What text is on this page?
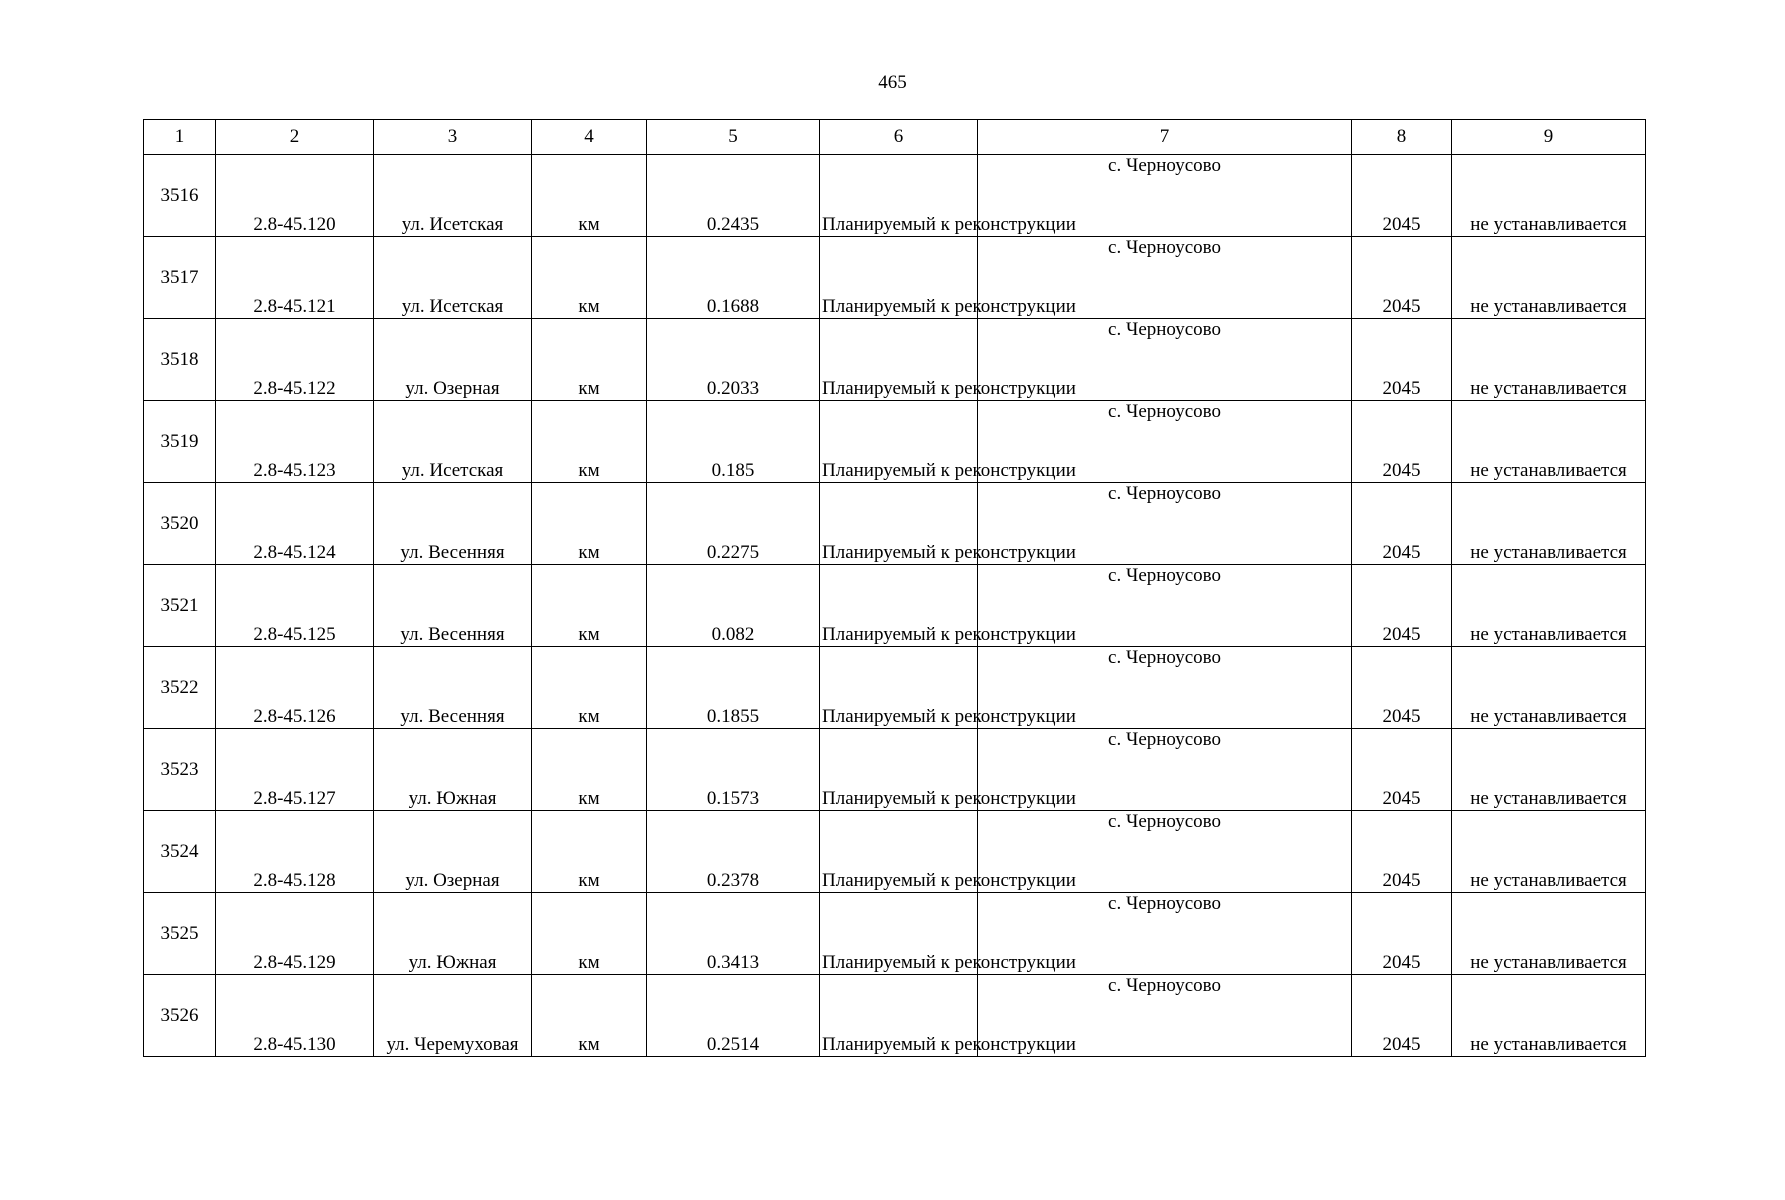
465
1	2	3	4	5	6	7	8	9
3516	2.8-45.120	ул. Исетская	км	0.2435	Планируемый к реконструкции	с. Черноусово	2045	не устанавливается
3517	2.8-45.121	ул. Исетская	км	0.1688	Планируемый к реконструкции	с. Черноусово	2045	не устанавливается
3518	2.8-45.122	ул. Озерная	км	0.2033	Планируемый к реконструкции	с. Черноусово	2045	не устанавливается
3519	2.8-45.123	ул. Исетская	км	0.185	Планируемый к реконструкции	с. Черноусово	2045	не устанавливается
3520	2.8-45.124	ул. Весенняя	км	0.2275	Планируемый к реконструкции	с. Черноусово	2045	не устанавливается
3521	2.8-45.125	ул. Весенняя	км	0.082	Планируемый к реконструкции	с. Черноусово	2045	не устанавливается
3522	2.8-45.126	ул. Весенняя	км	0.1855	Планируемый к реконструкции	с. Черноусово	2045	не устанавливается
3523	2.8-45.127	ул. Южная	км	0.1573	Планируемый к реконструкции	с. Черноусово	2045	не устанавливается
3524	2.8-45.128	ул. Озерная	км	0.2378	Планируемый к реконструкции	с. Черноусово	2045	не устанавливается
3525	2.8-45.129	ул. Южная	км	0.3413	Планируемый к реконструкции	с. Черноусово	2045	не устанавливается
3526	2.8-45.130	ул. Черемуховая	км	0.2514	Планируемый к реконструкции	с. Черноусово	2045	не устанавливается
